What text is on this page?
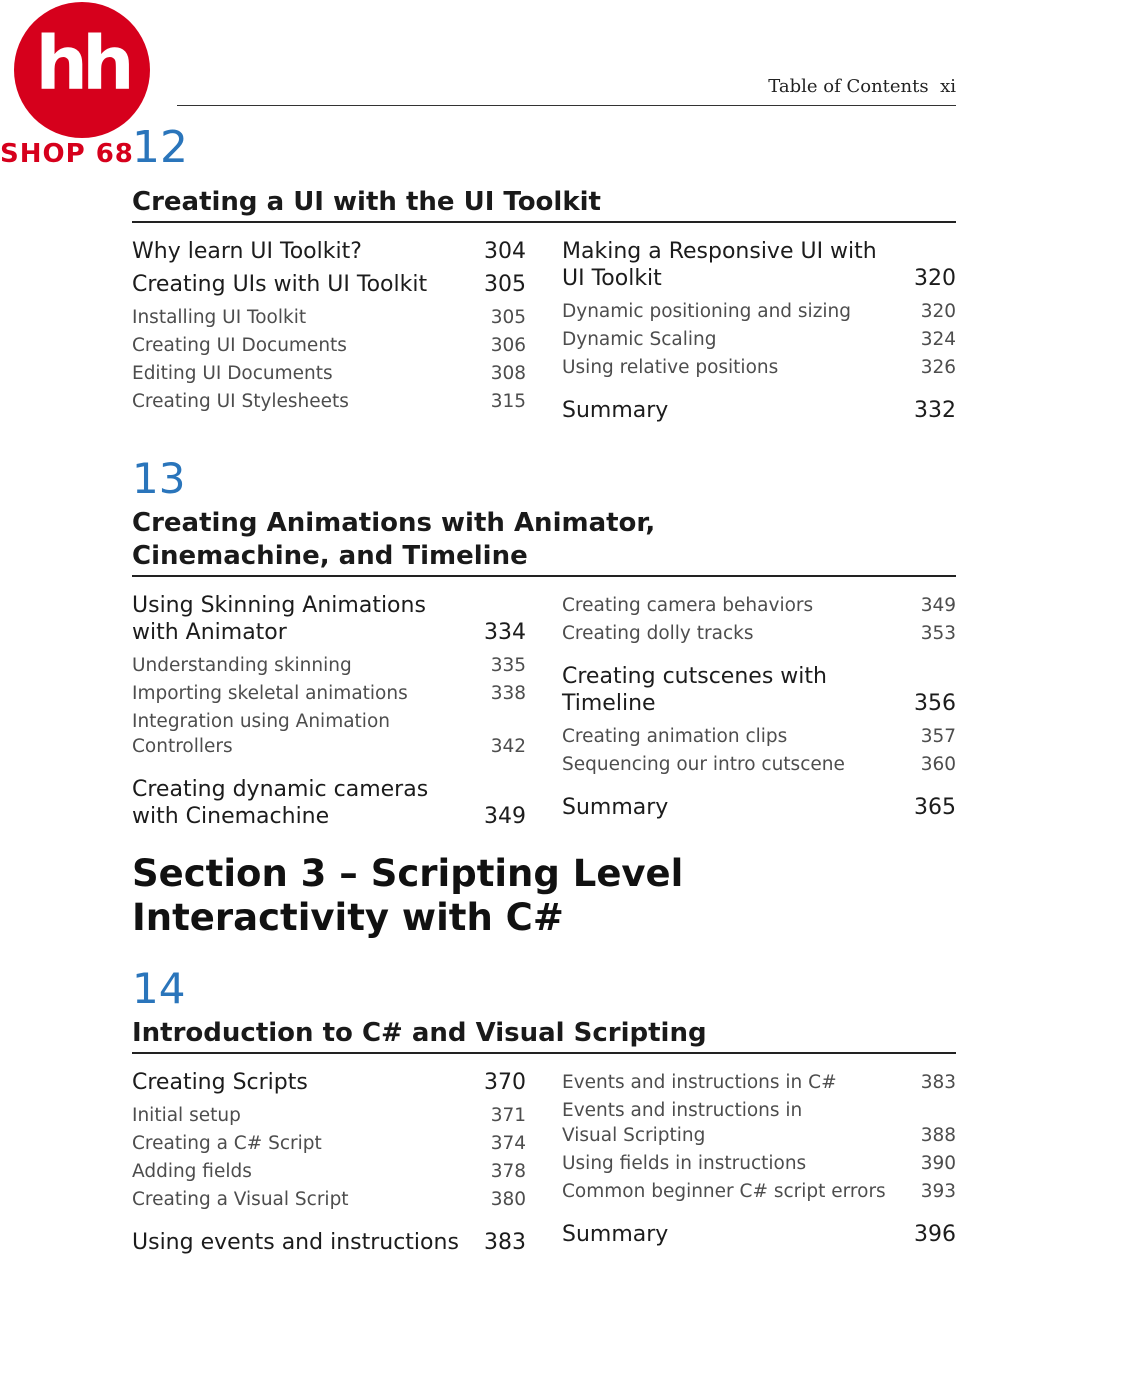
hh
SHOP 68
Table of Contents xi
12
Creating a UI with the UI Toolkit
Why learn UI Toolkit?	304
Creating UIs with UI Toolkit	305
Installing UI Toolkit	305
Creating UI Documents	306
Editing UI Documents	308
Creating UI Stylesheets	315
Making a Responsive UI with UI Toolkit	320
Dynamic positioning and sizing	320
Dynamic Scaling	324
Using relative positions	326
Summary	332
13
Creating Animations with Animator, Cinemachine, and Timeline
Using Skinning Animations with Animator	334
Understanding skinning	335
Importing skeletal animations	338
Integration using Animation Controllers	342
Creating dynamic cameras with Cinemachine	349
Creating camera behaviors	349
Creating dolly tracks	353
Creating cutscenes with Timeline	356
Creating animation clips	357
Sequencing our intro cutscene	360
Summary	365
Section 3 – Scripting Level Interactivity with C#
14
Introduction to C# and Visual Scripting
Creating Scripts	370
Initial setup	371
Creating a C# Script	374
Adding fields	378
Creating a Visual Script	380
Using events and instructions	383
Events and instructions in C#	383
Events and instructions in Visual Scripting	388
Using fields in instructions	390
Common beginner C# script errors	393
Summary	396
